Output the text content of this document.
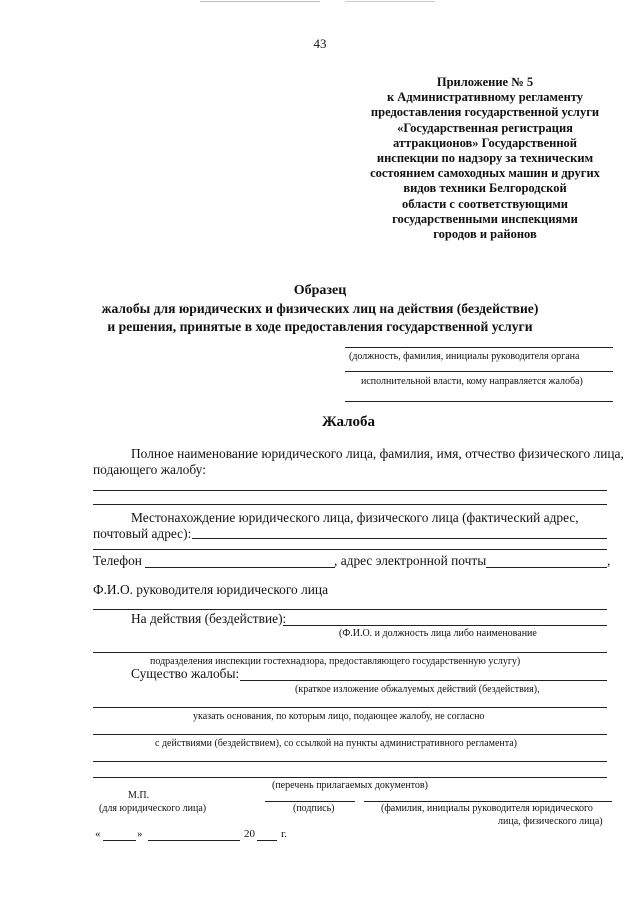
43
Приложение № 5
к Административному регламенту
предоставления государственной услуги
«Государственная регистрация
аттракционов» Государственной
инспекции по надзору за техническим
состоянием самоходных машин и других
видов техники Белгородской
области с соответствующими
государственными инспекциями
городов и районов
Образец
жалобы для юридических и физических лиц на действия (бездействие)
и решения, принятые в ходе предоставления государственной услуги
(должность, фамилия, инициалы руководителя органа
исполнительной власти, кому направляется жалоба)
Жалоба
Полное наименование юридического лица, фамилия, имя, отчество физического лица,
подающего жалобу:
Местонахождение юридического лица, физического лица (фактический адрес,
почтовый адрес):
Телефон	, адрес электронной почты	,
Ф.И.О. руководителя юридического лица
На действия (бездействие):
(Ф.И.О. и должность лица либо наименование
подразделения инспекции гостехнадзора, предоставляющего государственную услугу)
Существо жалобы:
(краткое изложение обжалуемых действий (бездействия),
указать основания, по которым лицо, подающее жалобу, не согласно
с действиями (бездействием), со ссылкой на пункты административного регламента)
(перечень прилагаемых документов)
М.П.
(для юридического лица)	(подпись)	(фамилия, инициалы руководителя юридического
лица, физического лица)
«	»	20 г.
